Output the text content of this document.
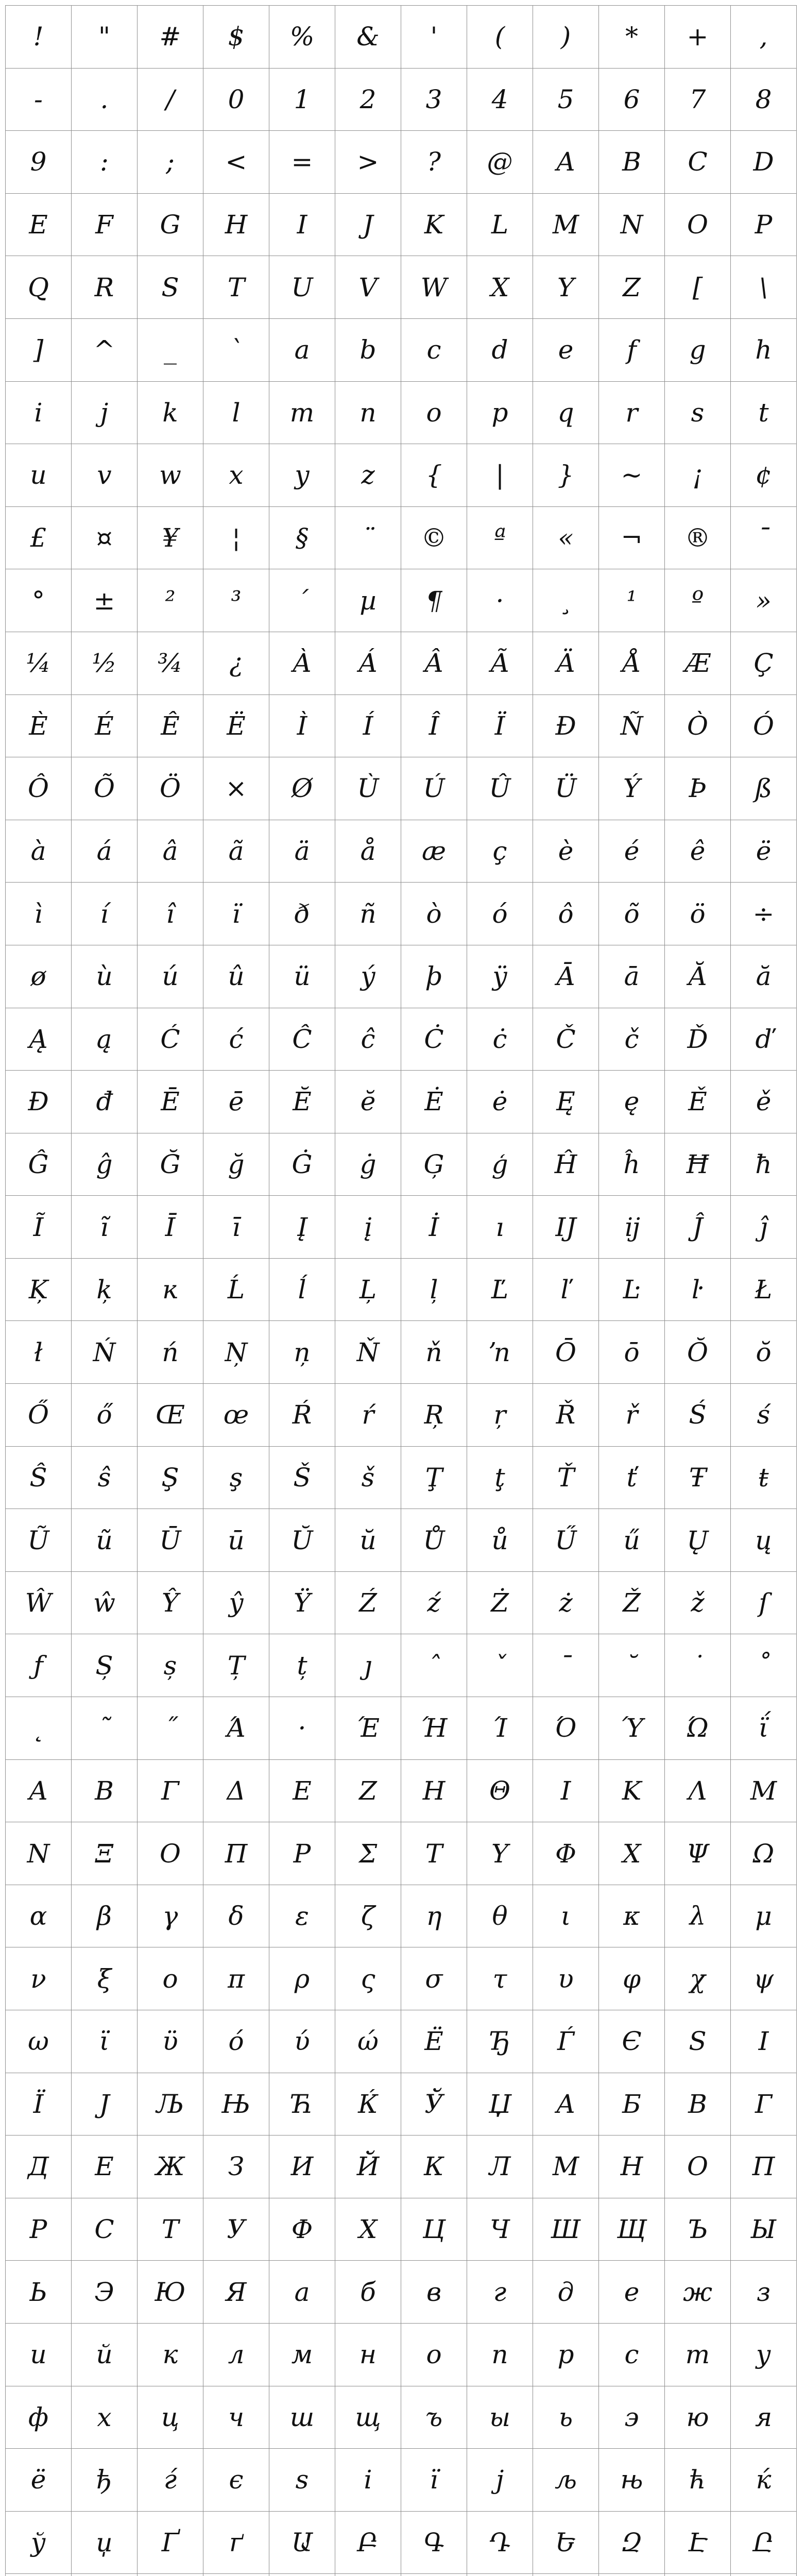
!	"	#	$	%	&	'	(	)	*	+	,
-	.	/	0	1	2	3	4	5	6	7	8
9	:	;	<	=	>	?	@	A	B	C	D
E	F	G	H	I	J	K	L	M	N	O	P
Q	R	S	T	U	V	W	X	Y	Z	[	\
]	^	_	`	a	b	c	d	e	f	g	h
i	j	k	l	m	n	o	p	q	r	s	t
u	v	w	x	y	z	{	|	}	~	¡	¢
£	¤	¥	¦	§	¨	©	ª	«	¬	®	¯
°	±	²	³	´	µ	¶	·	¸	¹	º	»
¼	½	¾	¿	À	Á	Â	Ã	Ä	Å	Æ	Ç
È	É	Ê	Ë	Ì	Í	Î	Ï	Ð	Ñ	Ò	Ó
Ô	Õ	Ö	×	Ø	Ù	Ú	Û	Ü	Ý	Þ	ß
à	á	â	ã	ä	å	æ	ç	è	é	ê	ë
ì	í	î	ï	ð	ñ	ò	ó	ô	õ	ö	÷
ø	ù	ú	û	ü	ý	þ	ÿ	Ā	ā	Ă	ă
Ą	ą	Ć	ć	Ĉ	ĉ	Ċ	ċ	Č	č	Ď	ď
Đ	đ	Ē	ē	Ĕ	ĕ	Ė	ė	Ę	ę	Ě	ě
Ĝ	ĝ	Ğ	ğ	Ġ	ġ	Ģ	ģ	Ĥ	ĥ	Ħ	ħ
Ĩ	ĩ	Ī	ī	Į	į	İ	ı	Ĳ	ĳ	Ĵ	ĵ
Ķ	ķ	ĸ	Ĺ	ĺ	Ļ	ļ	Ľ	ľ	Ŀ	ŀ	Ł
ł	Ń	ń	Ņ	ņ	Ň	ň	ŉ	Ō	ō	Ŏ	ŏ
Ő	ő	Œ	œ	Ŕ	ŕ	Ŗ	ŗ	Ř	ř	Ś	ś
Ŝ	ŝ	Ş	ş	Š	š	Ţ	ţ	Ť	ť	Ŧ	ŧ
Ũ	ũ	Ū	ū	Ŭ	ŭ	Ů	ů	Ű	ű	Ų	ų
Ŵ	ŵ	Ŷ	ŷ	Ÿ	Ź	ź	Ż	ż	Ž	ž	ſ
ƒ	Ș	ș	Ț	ț	ȷ	ˆ	ˇ	ˉ	˘	˙	˚
˛	˜	˝	Ά	·	Έ	Ή	Ί	Ό	Ύ	Ώ	ΐ
Α	Β	Γ	Δ	Ε	Ζ	Η	Θ	Ι	Κ	Λ	Μ
Ν	Ξ	Ο	Π	Ρ	Σ	Τ	Υ	Φ	Χ	Ψ	Ω
α	β	γ	δ	ε	ζ	η	θ	ι	κ	λ	μ
ν	ξ	ο	π	ρ	ς	σ	τ	υ	φ	χ	ψ
ω	ϊ	ϋ	ό	ύ	ώ	Ё	Ђ	Ѓ	Є	Ѕ	І
Ї	Ј	Љ	Њ	Ћ	Ќ	Ў	Џ	А	Б	В	Г
Д	Е	Ж	З	И	Й	К	Л	М	Н	О	П
Р	С	Т	У	Ф	Х	Ц	Ч	Ш	Щ	Ъ	Ы
Ь	Э	Ю	Я	а	б	в	г	д	е	ж	з
и	й	к	л	м	н	о	п	р	с	т	у
ф	х	ц	ч	ш	щ	ъ	ы	ь	э	ю	я
ё	ђ	ѓ	є	ѕ	і	ї	ј	љ	њ	ћ	ќ
ў	џ	Ґ	ґ	Ա	Բ	Գ	Դ	Ե	Զ	Է	Ը
